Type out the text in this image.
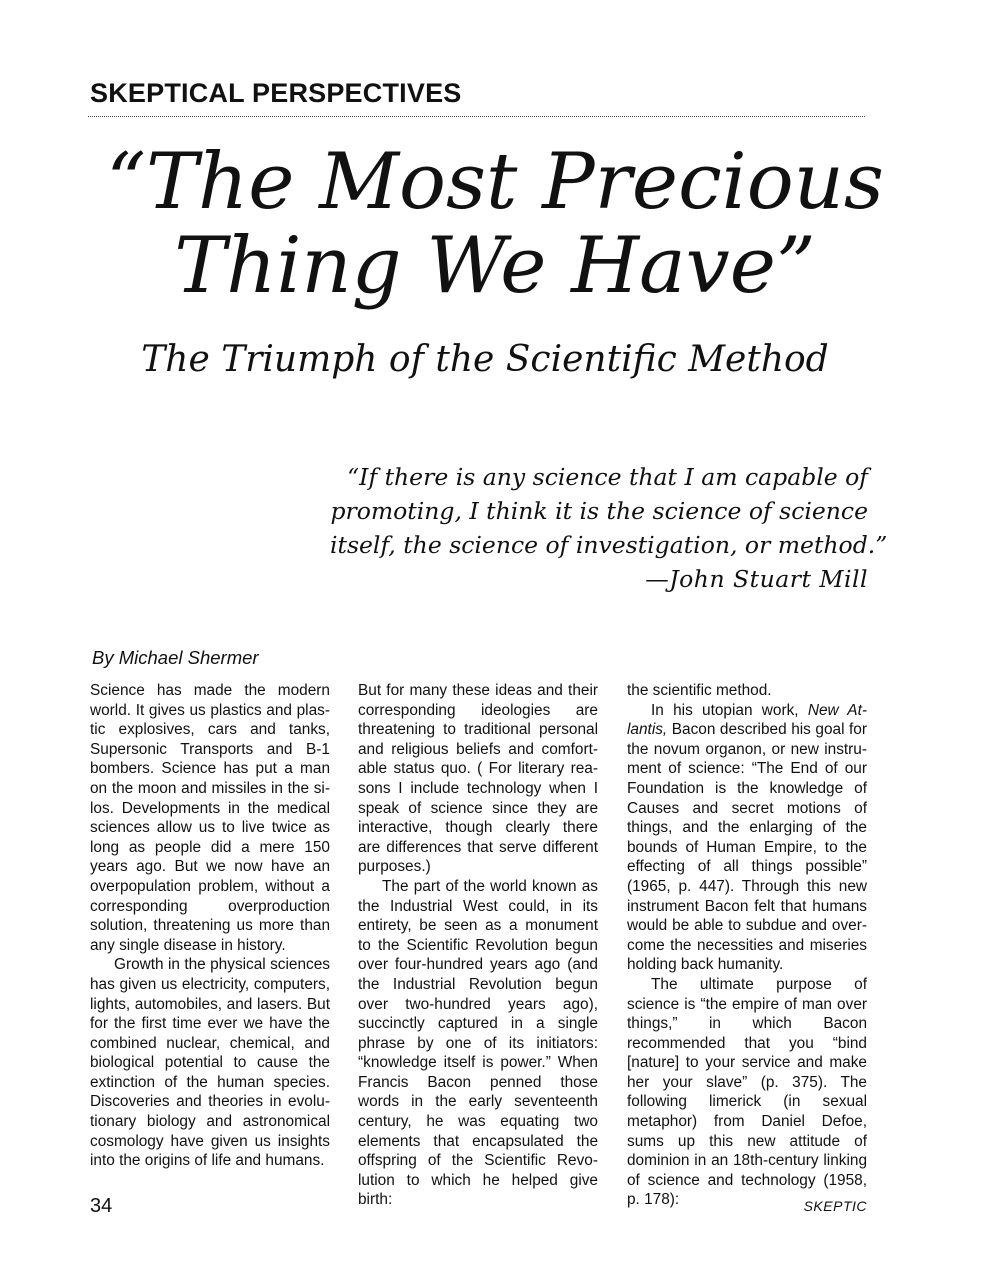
SKEPTICAL PERSPECTIVES
“The Most Precious
Thing We Have”
The Triumph of the Scientific Method
“If there is any science that I am capable of
promoting, I think it is the science of science
itself, the science of investigation, or method.”
—John Stuart Mill
By Michael Shermer

Science has made the modern world. It gives us plastics and plastic explosives, cars and tanks, Supersonic Transports and B-1 bombers. Science has put a man on the moon and missiles in the silos. Developments in the medical sciences allow us to live twice as long as people did a mere 150 years ago. But we now have an overpopulation problem, without a corresponding overproduction solution, threatening us more than any single disease in history.

Growth in the physical sciences has given us electricity, computers, lights, automobiles, and lasers. But for the first time ever we have the combined nuclear, chemical, and biological potential to cause the extinction of the human species. Discoveries and theories in evolutionary biology and astronomical cosmology have given us insights into the origins of life and humans.

But for many these ideas and their corresponding ideologies are threatening to traditional personal and religious beliefs and comfortable status quo. ( For literary reasons I include technology when I speak of science since they are interactive, though clearly there are differences that serve different purposes.)

The part of the world known as the Industrial West could, in its entirety, be seen as a monument to the Scientific Revolution begun over four-hundred years ago (and the Industrial Revolution begun over two-hundred years ago), succinctly captured in a single phrase by one of its initiators: “knowledge itself is power.” When Francis Bacon penned those words in the early seventeenth century, he was equating two elements that encapsulated the offspring of the Scientific Revolution to which he helped give birth:

the scientific method.

In his utopian work, New Atlantis, Bacon described his goal for the novum organon, or new instrument of science: “The End of our Foundation is the knowledge of Causes and secret motions of things, and the enlarging of the bounds of Human Empire, to the effecting of all things possible” (1965, p. 447). Through this new instrument Bacon felt that humans would be able to subdue and overcome the necessities and miseries holding back humanity.

The ultimate purpose of science is “the empire of man over things,” in which Bacon recommended that you “bind [nature] to your service and make her your slave” (p. 375). The following limerick (in sexual metaphor) from Daniel Defoe, sums up this new attitude of dominion in an 18th-century linking of science and technology (1958, p. 178):

34	SKEPTIC
